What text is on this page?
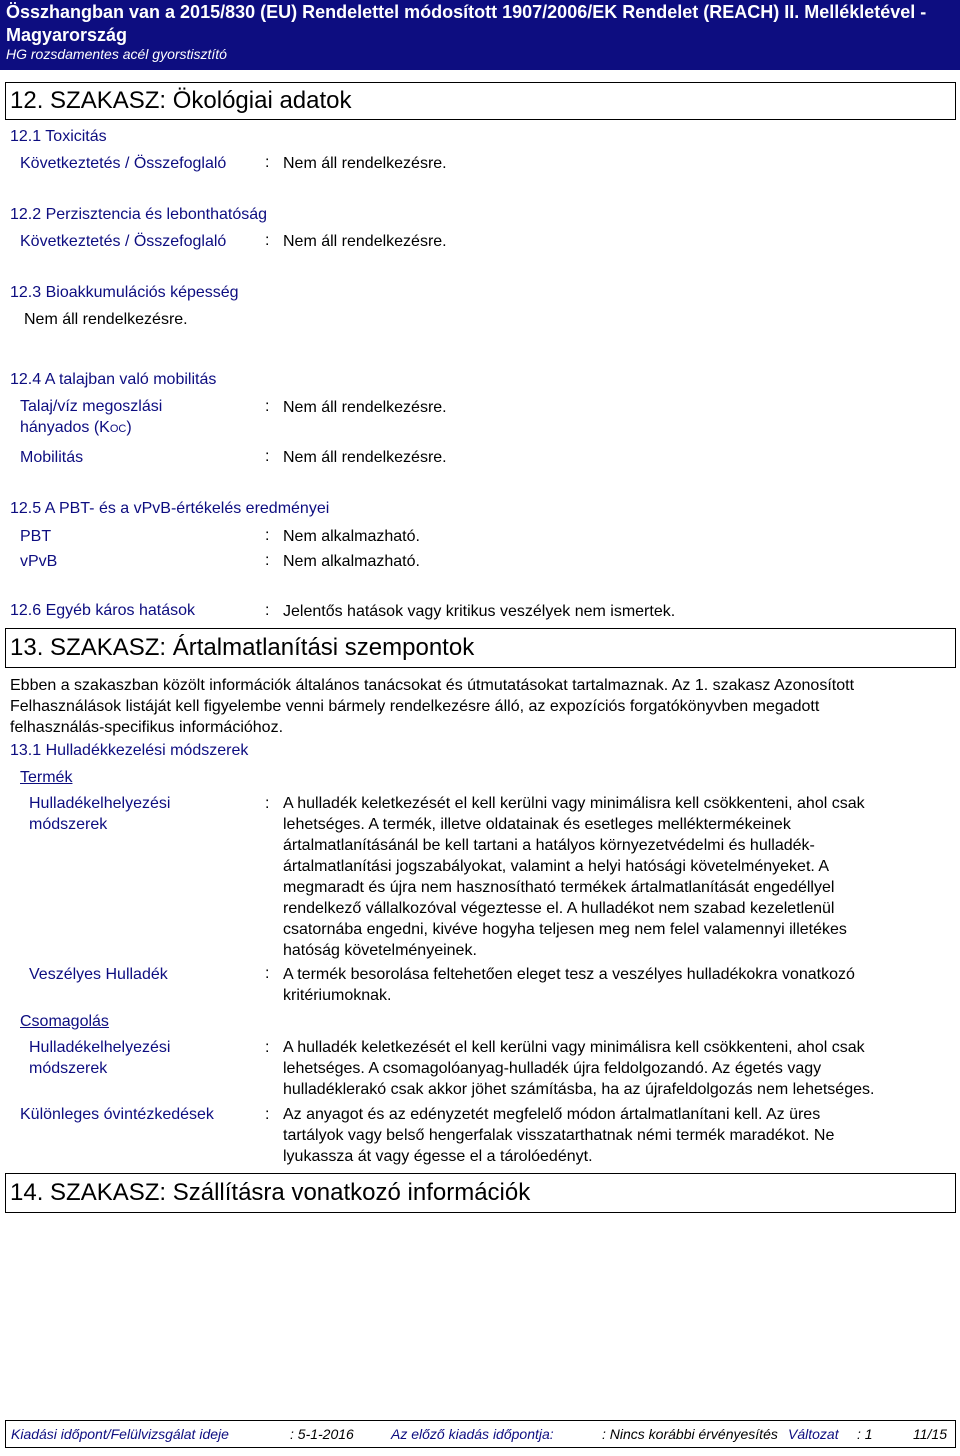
Összhangban van a 2015/830 (EU) Rendelettel módosított 1907/2006/EK Rendelet (REACH) II. Mellékletével - Magyarország
HG rozsdamentes acél gyorstisztító
12. SZAKASZ: Ökológiai adatok
12.1 Toxicitás
Következtetés / Összefoglaló : Nem áll rendelkezésre.
12.2 Perzisztencia és lebonthatóság
Következtetés / Összefoglaló : Nem áll rendelkezésre.
12.3 Bioakkumulációs képesség
Nem áll rendelkezésre.
12.4 A talajban való mobilitás
Talaj/víz megoszlási
hányados (KOC)
: Nem áll rendelkezésre.
Mobilitás	: Nem áll rendelkezésre.
12.5 A PBT- és a vPvB-értékelés eredményei
PBT	: Nem alkalmazható.
vPvB	: Nem alkalmazható.
12.6 Egyéb káros hatások	: Jelentős hatások vagy kritikus veszélyek nem ismertek.
13. SZAKASZ: Ártalmatlanítási szempontok
Ebben a szakaszban közölt információk általános tanácsokat és útmutatásokat tartalmaznak. Az 1. szakasz Azonosított
Felhasználások listáját kell figyelembe venni bármely rendelkezésre álló, az expozíciós forgatókönyvben megadott
felhasználás-specifikus információhoz.
13.1 Hulladékkezelési módszerek
Termék
Hulladékelhelyezési
módszerek
: A hulladék keletkezését el kell kerülni vagy minimálisra kell csökkenteni, ahol csak
lehetséges. A termék, illetve oldatainak és esetleges melléktermékeinek
ártalmatlanításánál be kell tartani a hatályos környezetvédelmi és hulladék-
ártalmatlanítási jogszabályokat, valamint a helyi hatósági követelményeket. A
megmaradt és újra nem hasznosítható termékek ártalmatlanítását engedéllyel
rendelkező vállalkozóval végeztesse el. A hulladékot nem szabad kezeletlenül
csatornába engedni, kivéve hogyha teljesen meg nem felel valamennyi illetékes
hatóság követelményeinek.
Veszélyes Hulladék	: A termék besorolása feltehetően eleget tesz a veszélyes hulladékokra vonatkozó
kritériumoknak.
Csomagolás
Hulladékelhelyezési
módszerek
: A hulladék keletkezését el kell kerülni vagy minimálisra kell csökkenteni, ahol csak
lehetséges. A csomagolóanyag-hulladék újra feldolgozandó. Az égetés vagy
hulladéklerakó csak akkor jöhet számításba, ha az újrafeldolgozás nem lehetséges.
Különleges óvintézkedések	: Az anyagot és az edényzetét megfelelő módon ártalmatlanítani kell. Az üres
tartályok vagy belső hengerfalak visszatarthatnak némi termék maradékot. Ne
lyukassza át vagy égesse el a tárolóedényt.
14. SZAKASZ: Szállításra vonatkozó információk
Kiadási időpont/Felülvizsgálat ideje	: 5-1-2016	Az előző kiadás időpontja:	: Nincs korábbi érvényesítés Változat : 1	11/15
